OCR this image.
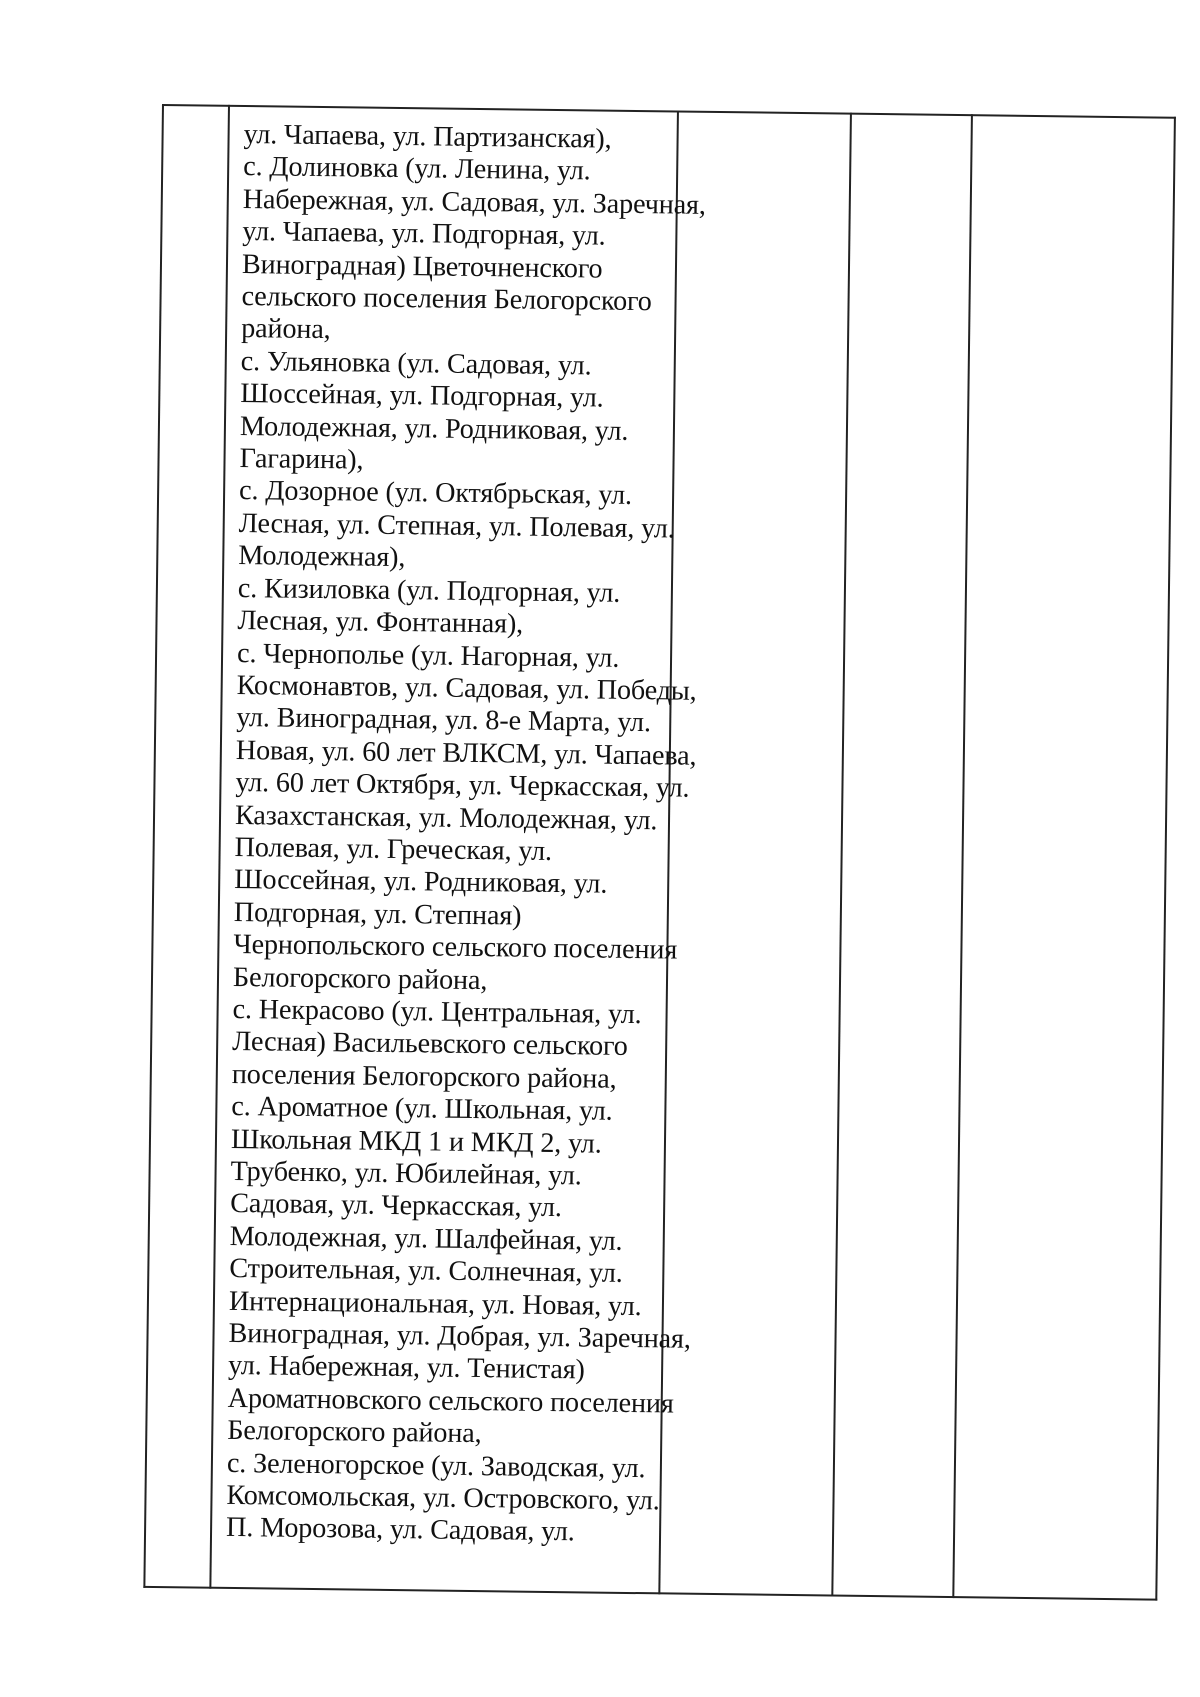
ул. Чапаева, ул. Партизанская),
с. Долиновка (ул. Ленина, ул.
Набережная, ул. Садовая, ул. Заречная,
ул. Чапаева, ул. Подгорная, ул.
Виноградная) Цветочненского
сельского поселения Белогорского
района,
с. Ульяновка (ул. Садовая, ул.
Шоссейная, ул. Подгорная, ул.
Молодежная, ул. Родниковая, ул.
Гагарина),
с. Дозорное (ул. Октябрьская, ул.
Лесная, ул. Степная, ул. Полевая, ул.
Молодежная),
с. Кизиловка (ул. Подгорная, ул.
Лесная, ул. Фонтанная),
с. Чернополье (ул. Нагорная, ул.
Космонавтов, ул. Садовая, ул. Победы,
ул. Виноградная, ул. 8-е Марта, ул.
Новая, ул. 60 лет ВЛКСМ, ул. Чапаева,
ул. 60 лет Октября, ул. Черкасская, ул.
Казахстанская, ул. Молодежная, ул.
Полевая, ул. Греческая, ул.
Шоссейная, ул. Родниковая, ул.
Подгорная, ул. Степная)
Чернопольского сельского поселения
Белогорского района,
с. Некрасово (ул. Центральная, ул.
Лесная) Васильевского сельского
поселения Белогорского района,
с. Ароматное (ул. Школьная, ул.
Школьная МКД 1 и МКД 2, ул.
Трубенко, ул. Юбилейная, ул.
Садовая, ул. Черкасская, ул.
Молодежная, ул. Шалфейная, ул.
Строительная, ул. Солнечная, ул.
Интернациональная, ул. Новая, ул.
Виноградная, ул. Добрая, ул. Заречная,
ул. Набережная, ул. Тенистая)
Ароматновского сельского поселения
Белогорского района,
с. Зеленогорское (ул. Заводская, ул.
Комсомольская, ул. Островского, ул.
П. Морозова, ул. Садовая, ул.
